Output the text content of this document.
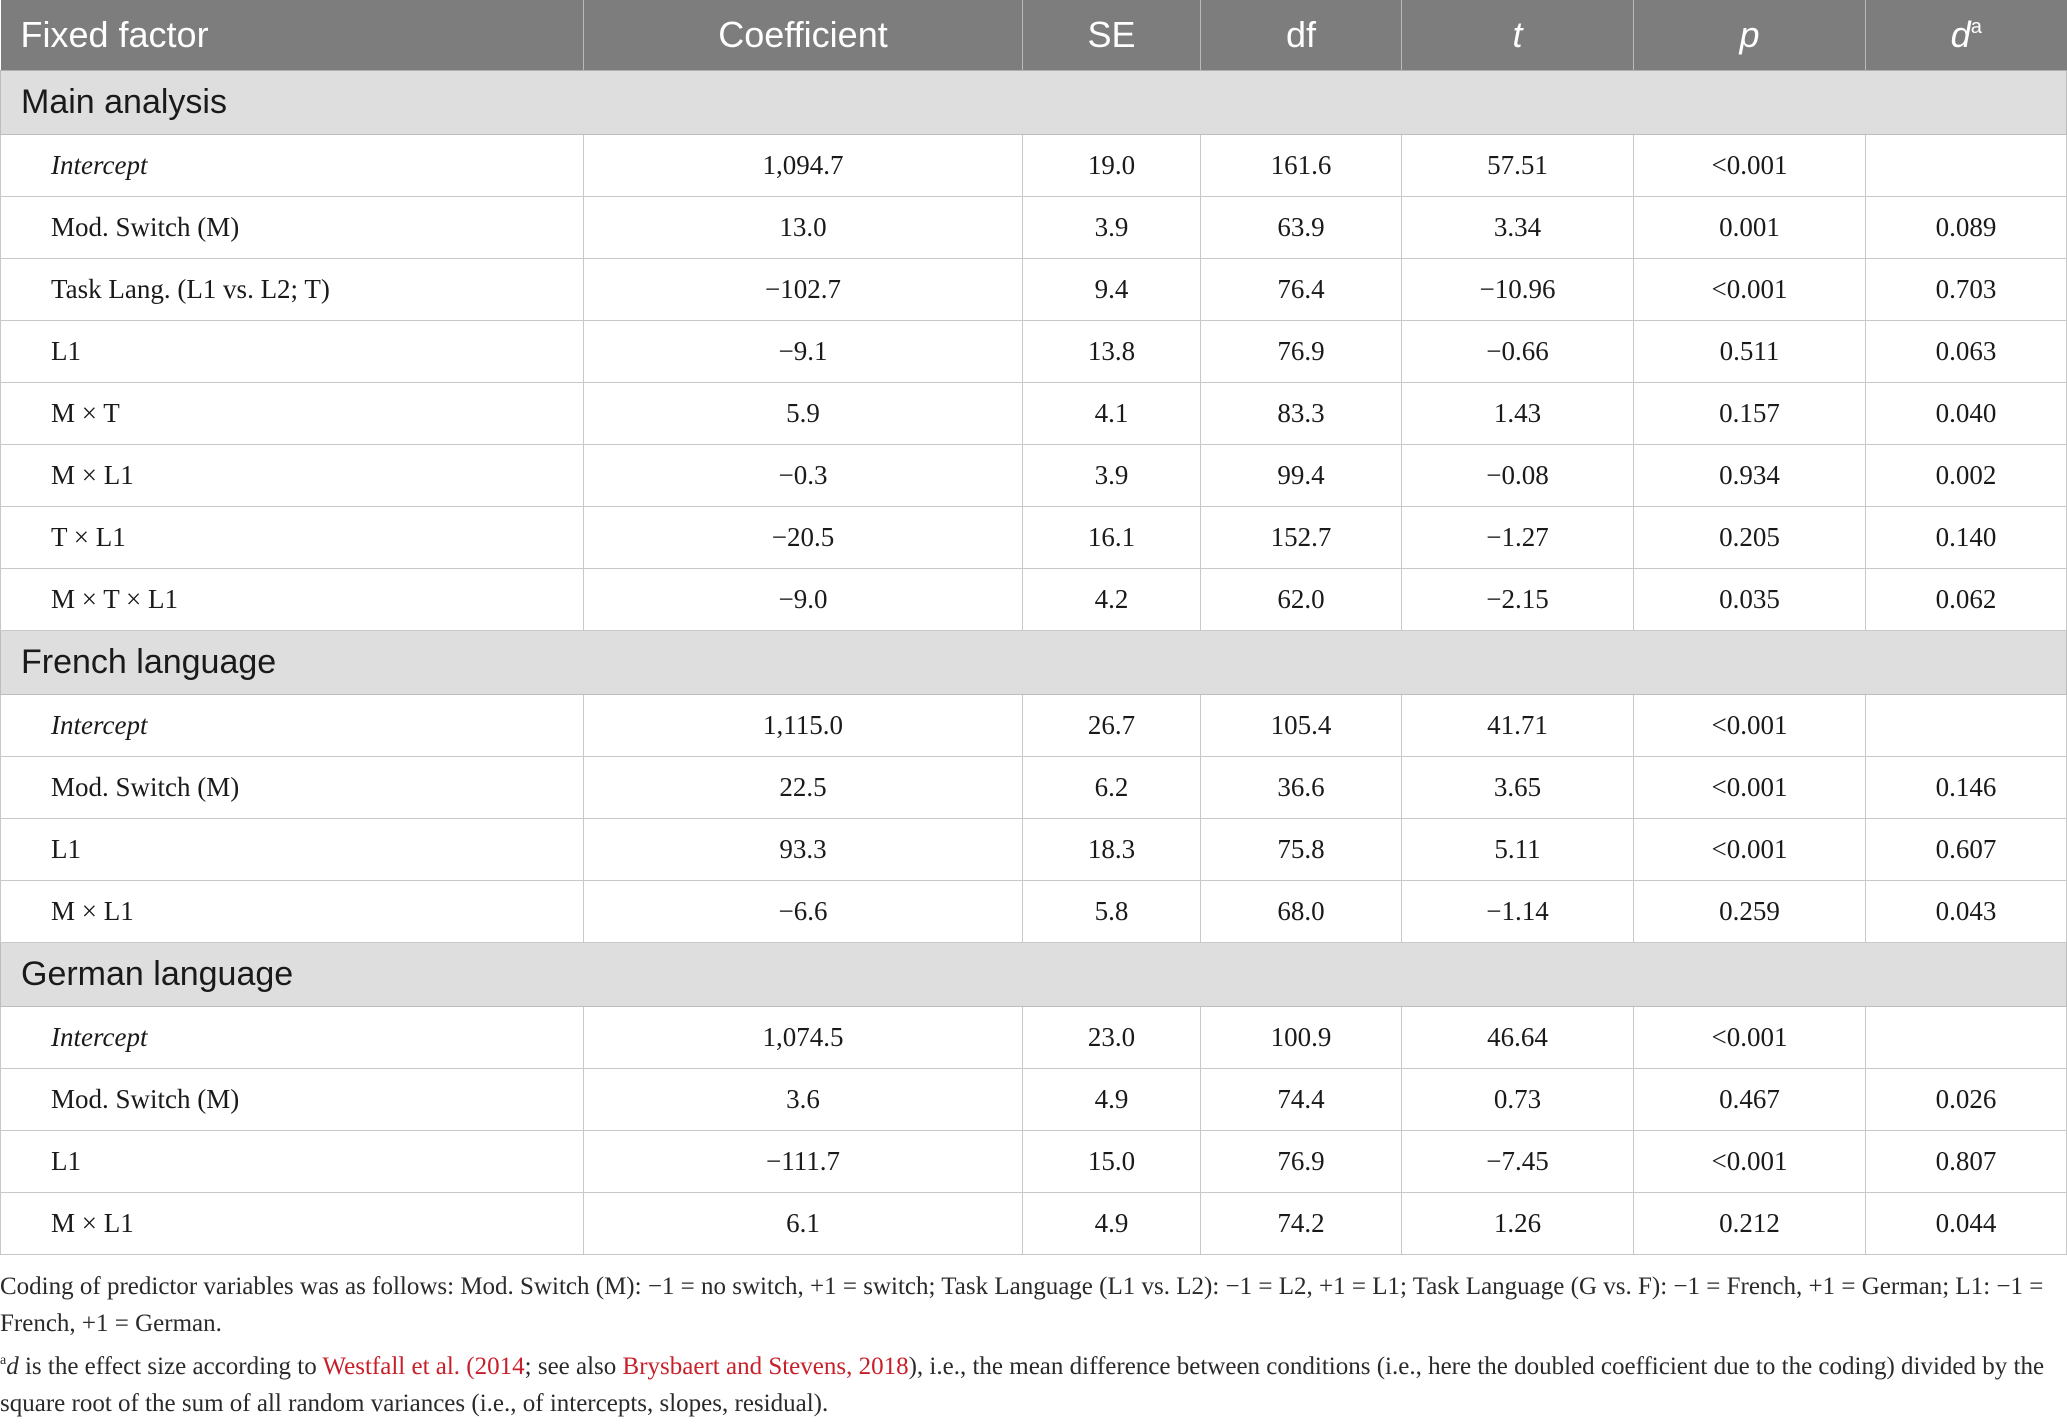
Fixed factor	Coefficient	SE	df	t	p	$d^a$
Main analysis						
Intercept	1,094.7	19.0	161.6	57.51	<0.001	
Mod. Switch (M)	13.0	3.9	63.9	3.34	0.001	0.089
Task Lang. (L1 vs. L2; T)	−102.7	9.4	76.4	−10.96	<0.001	0.703
L1	−9.1	13.8	76.9	−0.66	0.511	0.063
M × T	5.9	4.1	83.3	1.43	0.157	0.040
M × L1	−0.3	3.9	99.4	−0.08	0.934	0.002
T × L1	−20.5	16.1	152.7	−1.27	0.205	0.140
M × T × L1	−9.0	4.2	62.0	−2.15	0.035	0.062
French language						
Intercept	1,115.0	26.7	105.4	41.71	<0.001	
Mod. Switch (M)	22.5	6.2	36.6	3.65	<0.001	0.146
L1	93.3	18.3	75.8	5.11	<0.001	0.607
M × L1	−6.6	5.8	68.0	−1.14	0.259	0.043
German language						
Intercept	1,074.5	23.0	100.9	46.64	<0.001	
Mod. Switch (M)	3.6	4.9	74.4	0.73	0.467	0.026
L1	−111.7	15.0	76.9	−7.45	<0.001	0.807
M × L1	6.1	4.9	74.2	1.26	0.212	0.044

Coding of predictor variables was as follows: Mod. Switch (M): −1 = no switch, +1 = switch; Task Language (L1 vs. L2): −1 = L2, +1 = L1; Task Language (G vs. F): −1 = French, +1 = German; L1: −1 = French, +1 = German.

$^a$d is the effect size according to Westfall et al. (2014; see also Brysbaert and Stevens, 2018), i.e., the mean difference between conditions (i.e., here the doubled coefficient due to the coding) divided by the square root of the sum of all random variances (i.e., of intercepts, slopes, residual).
